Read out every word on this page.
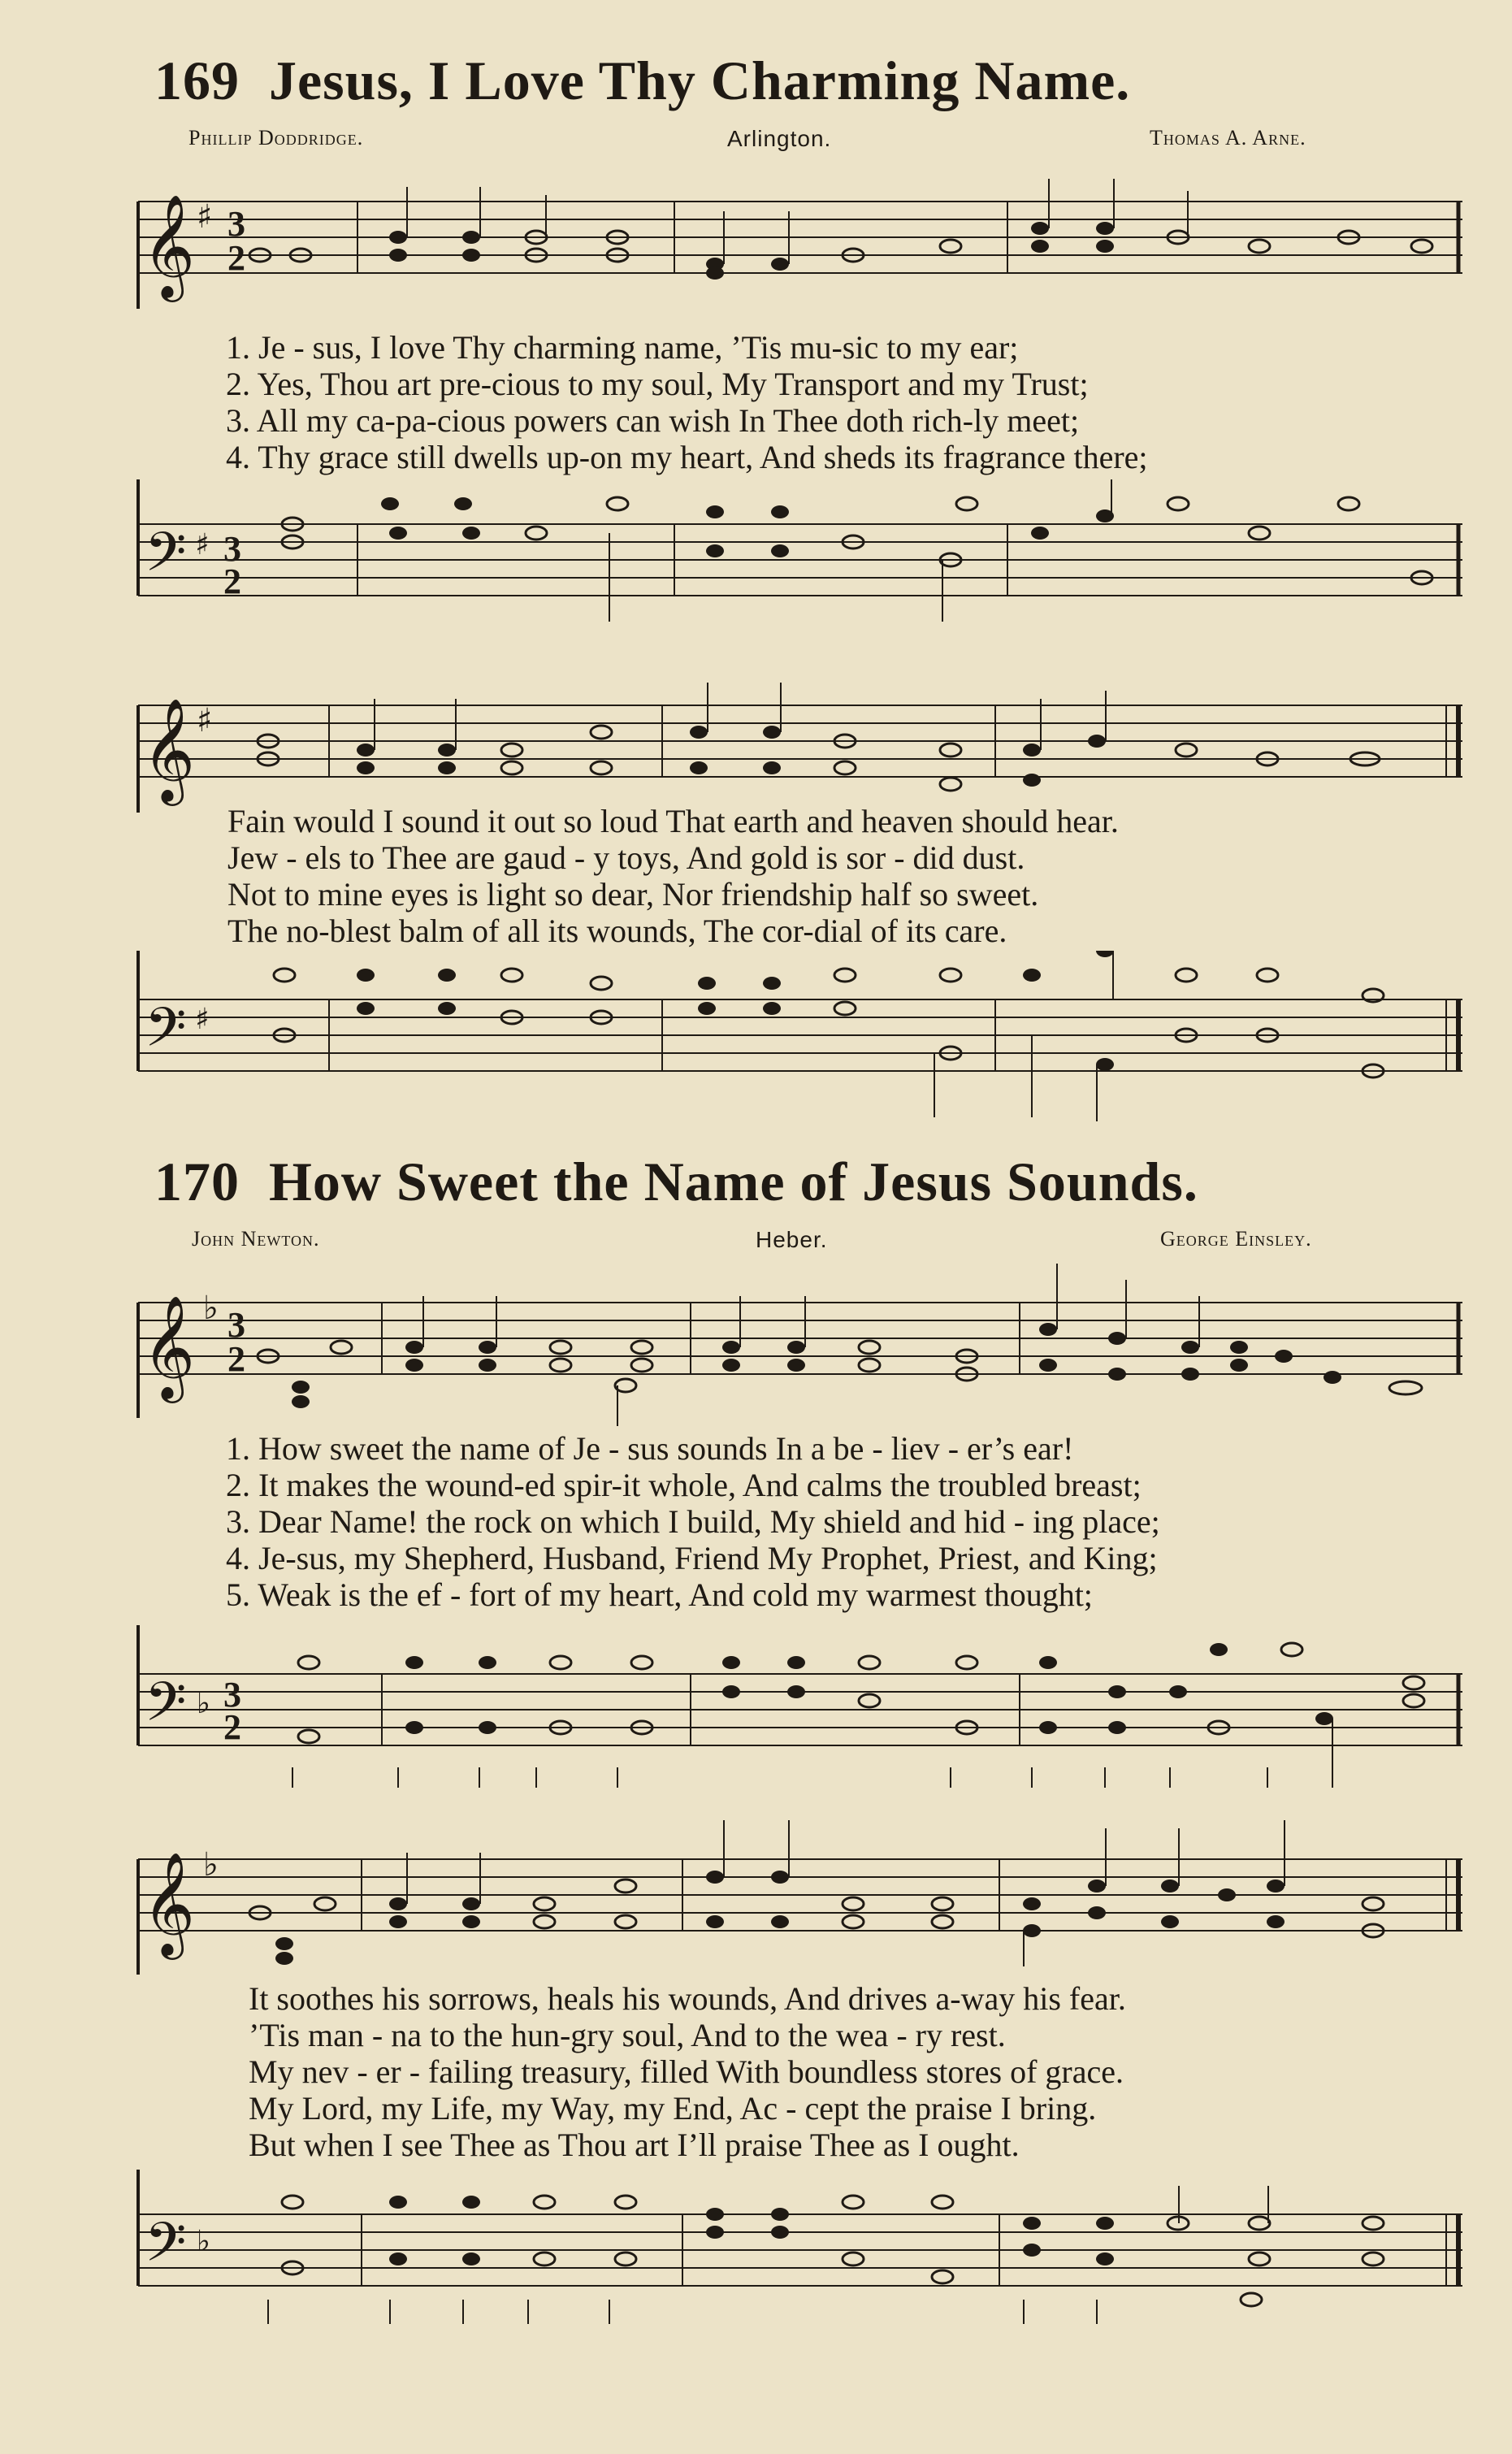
169 Jesus, I Love Thy Charming Name.
Phillip Doddridge.	Arlington.	Thomas A. Arne.
𝄞 ♯ 3
2
1. Je - sus, I love Thy charming name, ’Tis mu-sic to my ear;
2. Yes, Thou art pre-cious to my soul, My Transport and my Trust;
3. All my ca-pa-cious powers can wish In Thee doth rich-ly meet;
4. Thy grace still dwells up-on my heart, And sheds its fragrance there;
𝄢 ♯ 3
2
𝄞 ♯
Fain would I sound it out so loud That earth and heaven should hear.
Jew - els to Thee are gaud - y toys, And gold is sor - did dust.
Not to mine eyes is light so dear, Nor friendship half so sweet.
The no-blest balm of all its wounds, The cor-dial of its care.
𝄢 ♯
170 How Sweet the Name of Jesus Sounds.
John Newton.	Heber.	George Einsley.
𝄞 ♭ 3
2
1. How sweet the name of Je - sus sounds In a be - liev - er’s ear!
2. It makes the wound-ed spir-it whole, And calms the troubled breast;
3. Dear Name! the rock on which I build, My shield and hid - ing place;
4. Je-sus, my Shepherd, Husband, Friend My Prophet, Priest, and King;
5. Weak is the ef - fort of my heart, And cold my warmest thought;
𝄢 ♭ 3
2
𝄞 ♭
It soothes his sorrows, heals his wounds, And drives a-way his fear.
’Tis man - na to the hun-gry soul, And to the wea - ry rest.
My nev - er - failing treasury, filled With boundless stores of grace.
My Lord, my Life, my Way, my End, Ac - cept the praise I bring.
But when I see Thee as Thou art I’ll praise Thee as I ought.
𝄢 ♭
